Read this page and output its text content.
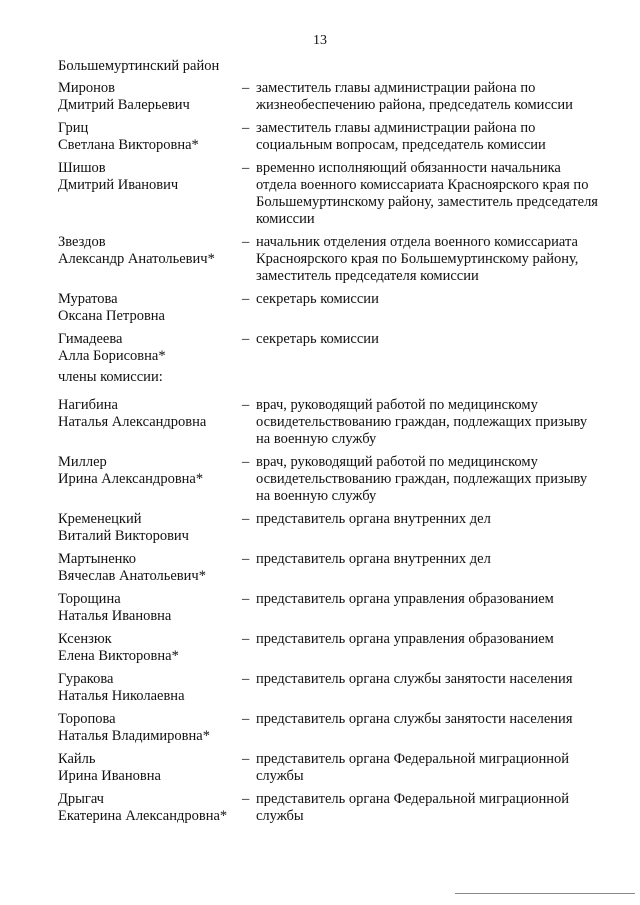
13
Большемуртинский район
Миронов
Дмитрий Валерьевич
– заместитель главы администрации района по жизнеобеспечению района, председатель комиссии
Гриц
Светлана Викторовна*
– заместитель главы администрации района по социальным вопросам, председатель комиссии
Шишов
Дмитрий Иванович
– временно исполняющий обязанности начальника отдела военного комиссариата Красноярского края по Большемуртинскому району, заместитель председателя комиссии
Звездов
Александр Анатольевич*
– начальник отделения отдела военного комиссариата Красноярского края по Большемуртинскому району, заместитель председателя комиссии
Муратова
Оксана Петровна
– секретарь комиссии
Гимадеева
Алла Борисовна*
– секретарь комиссии
члены комиссии:
Нагибина
Наталья Александровна
– врач, руководящий работой по медицинскому освидетельствованию граждан, подлежащих призыву на военную службу
Миллер
Ирина Александровна*
– врач, руководящий работой по медицинскому освидетельствованию граждан, подлежащих призыву на военную службу
Кременецкий
Виталий Викторович
– представитель органа внутренних дел
Мартыненко
Вячеслав Анатольевич*
– представитель органа внутренних дел
Торощина
Наталья Ивановна
– представитель органа управления образованием
Ксензюк
Елена Викторовна*
– представитель органа управления образованием
Гуракова
Наталья Николаевна
– представитель органа службы занятости населения
Торопова
Наталья Владимировна*
– представитель органа службы занятости населения
Кайль
Ирина Ивановна
– представитель органа Федеральной миграционной службы
Дрыгач
Екатерина Александровна*
– представитель органа Федеральной миграционной службы
